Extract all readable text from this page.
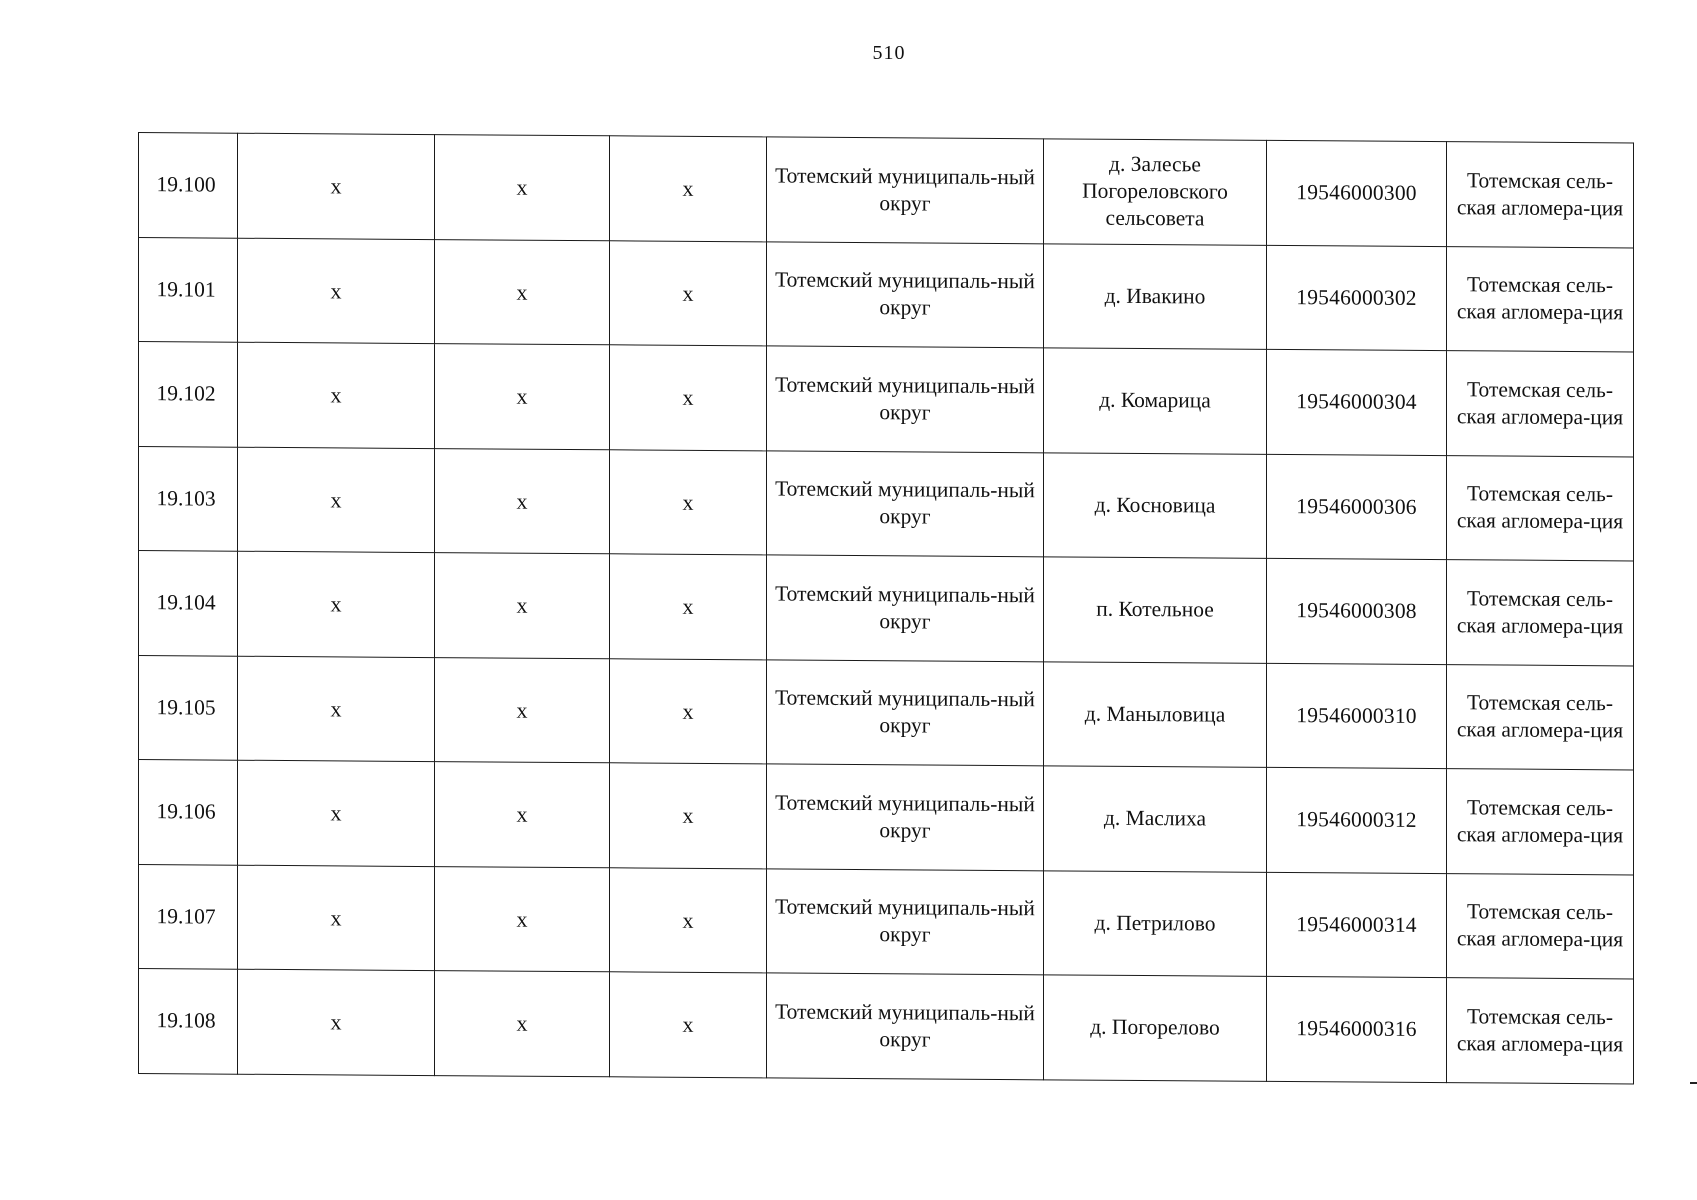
510
19.100	x	x	x	Тотемский муниципаль-ный округ	д. Залесье Погореловского сельсовета	19546000300	Тотемская сель-ская агломера-ция
19.101	x	x	x	Тотемский муниципаль-ный округ	д. Ивакино	19546000302	Тотемская сель-ская агломера-ция
19.102	x	x	x	Тотемский муниципаль-ный округ	д. Комарица	19546000304	Тотемская сель-ская агломера-ция
19.103	x	x	x	Тотемский муниципаль-ный округ	д. Косновица	19546000306	Тотемская сель-ская агломера-ция
19.104	x	x	x	Тотемский муниципаль-ный округ	п. Котельное	19546000308	Тотемская сель-ская агломера-ция
19.105	x	x	x	Тотемский муниципаль-ный округ	д. Маныловица	19546000310	Тотемская сель-ская агломера-ция
19.106	x	x	x	Тотемский муниципаль-ный округ	д. Маслиха	19546000312	Тотемская сель-ская агломера-ция
19.107	x	x	x	Тотемский муниципаль-ный округ	д. Петрилово	19546000314	Тотемская сель-ская агломера-ция
19.108	x	x	x	Тотемский муниципаль-ный округ	д. Погорелово	19546000316	Тотемская сель-ская агломера-ция
